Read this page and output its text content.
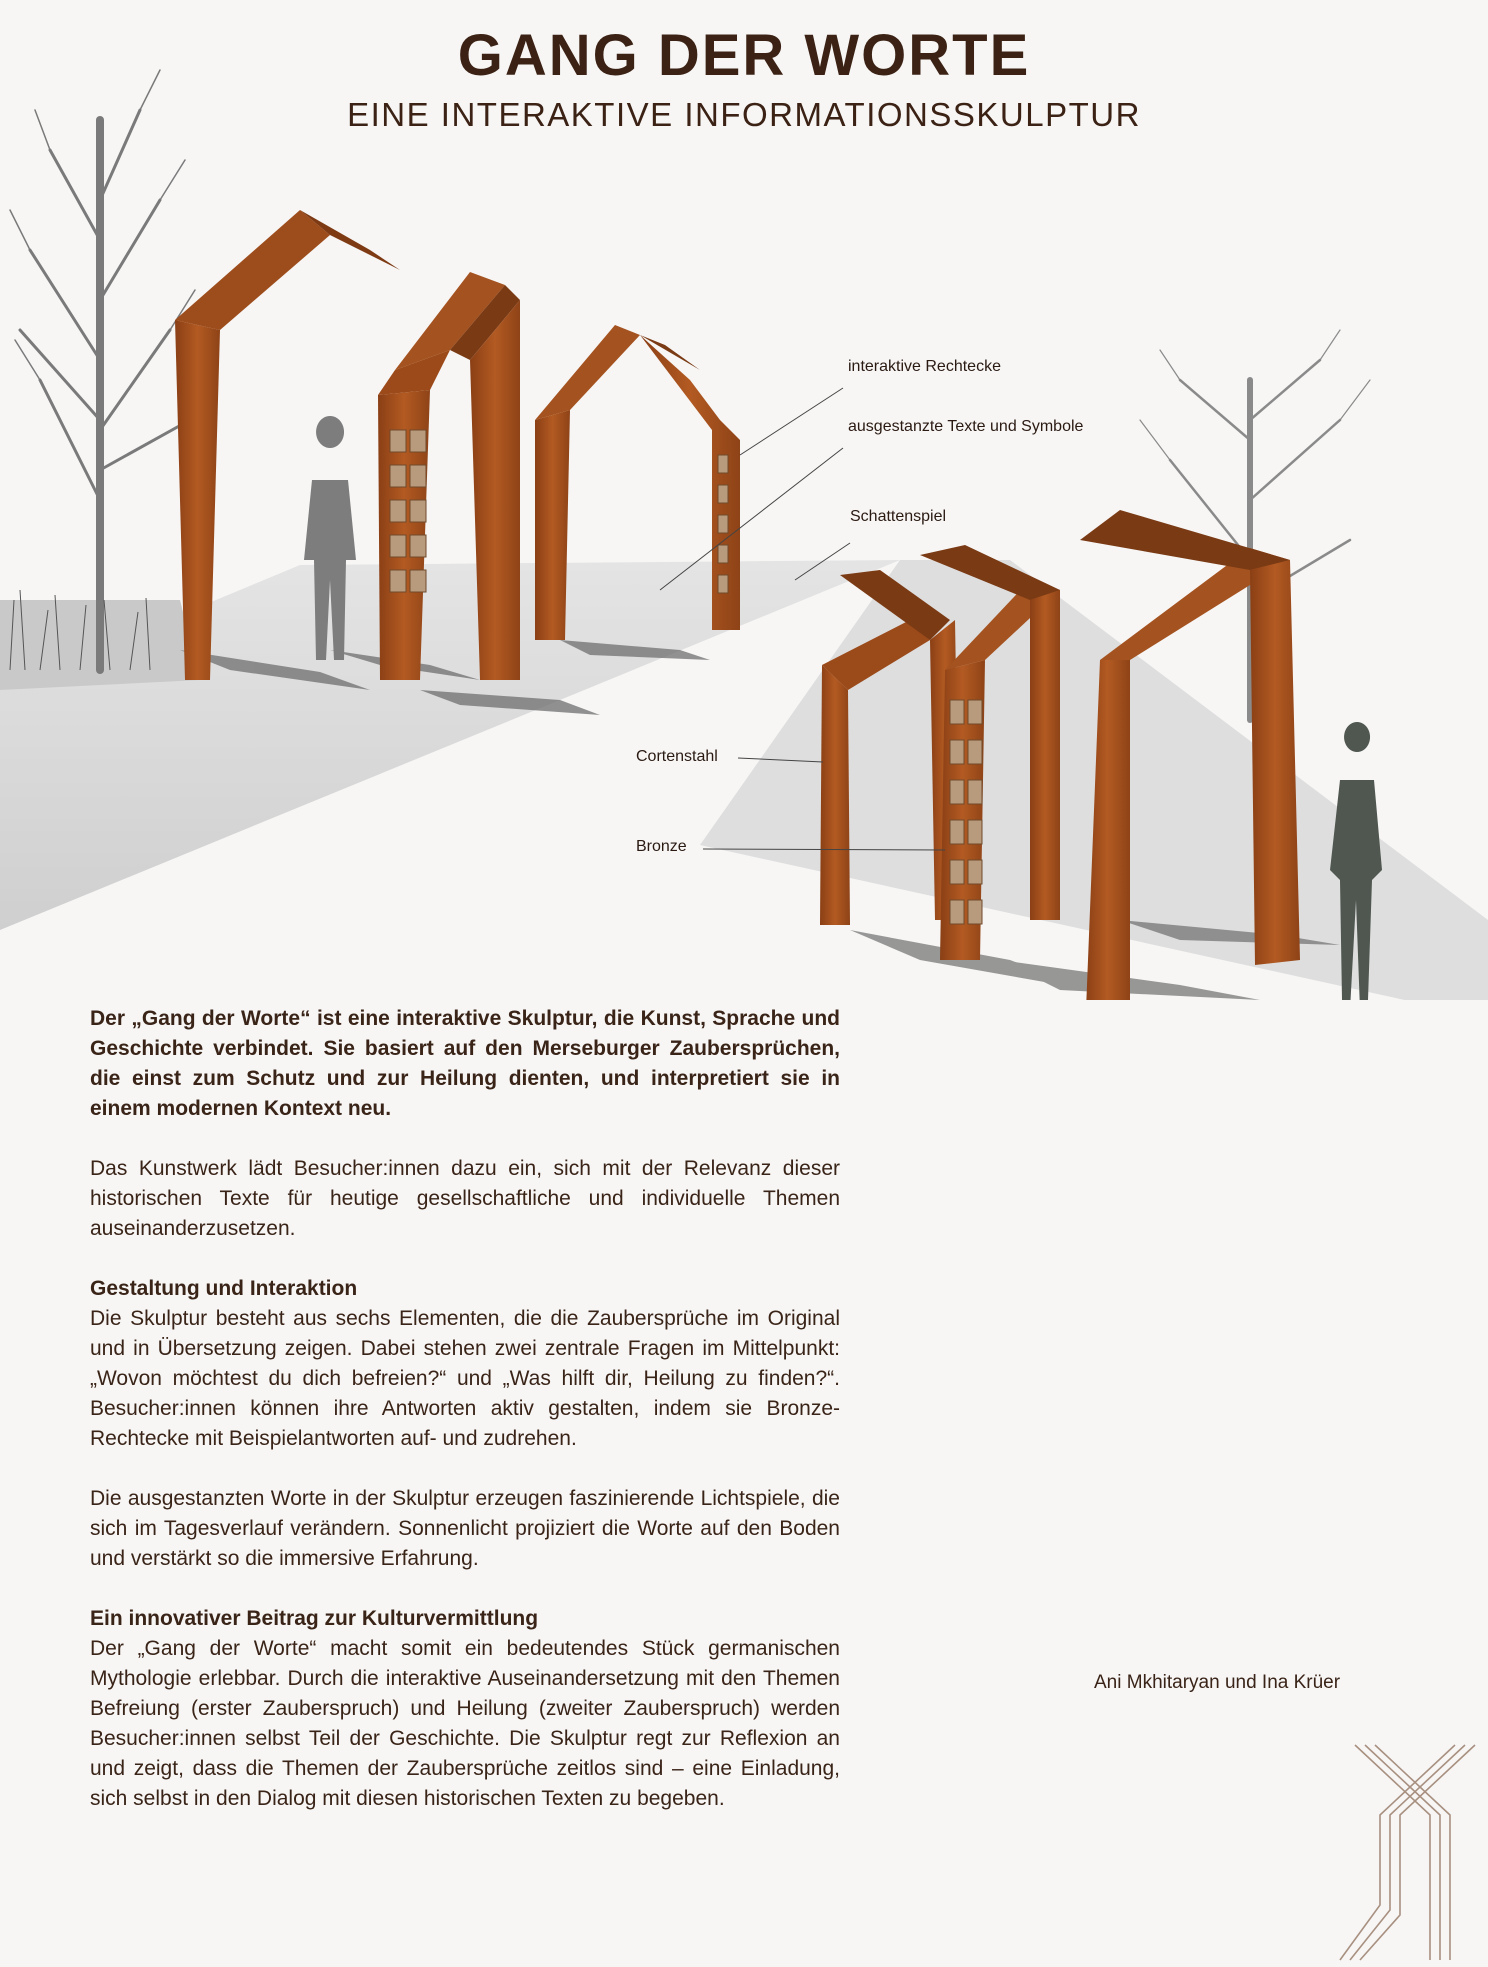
GANG DER WORTE
EINE INTERAKTIVE INFORMATIONSSKULPTUR
interaktive Rechtecke
ausgestanzte Texte und Symbole
Schattenspiel
Cortenstahl
Bronze

Der „Gang der Worte“ ist eine interaktive Skulptur, die Kunst, Sprache und Geschichte verbindet. Sie basiert auf den Merseburger Zaubersprüchen, die einst zum Schutz und zur Heilung dienten, und interpretiert sie in einem modernen Kontext neu.

Das Kunstwerk lädt Besucher:innen dazu ein, sich mit der Relevanz dieser historischen Texte für heutige gesellschaftliche und individuelle Themen auseinanderzusetzen.

Gestaltung und Interaktion

Die Skulptur besteht aus sechs Elementen, die die Zaubersprüche im Original und in Übersetzung zeigen. Dabei stehen zwei zentrale Fragen im Mittelpunkt: „Wovon möchtest du dich befreien?“ und „Was hilft dir, Heilung zu finden?“. Besucher:innen können ihre Antworten aktiv gestalten, indem sie Bronze-Rechtecke mit Beispielantworten auf- und zudrehen.

Die ausgestanzten Worte in der Skulptur erzeugen faszinierende Lichtspiele, die sich im Tagesverlauf verändern. Sonnenlicht projiziert die Worte auf den Boden und verstärkt so die immersive Erfahrung.

Ein innovativer Beitrag zur Kulturvermittlung

Der „Gang der Worte“ macht somit ein bedeutendes Stück germanischen Mythologie erlebbar. Durch die interaktive Auseinandersetzung mit den Themen Befreiung (erster Zauberspruch) und Heilung (zweiter Zauberspruch) werden Besucher:innen selbst Teil der Geschichte. Die Skulptur regt zur Reflexion an und zeigt, dass die Themen der Zaubersprüche zeitlos sind – eine Einladung, sich selbst in den Dialog mit diesen historischen Texten zu begeben.

Ani Mkhitaryan und Ina Krüer
